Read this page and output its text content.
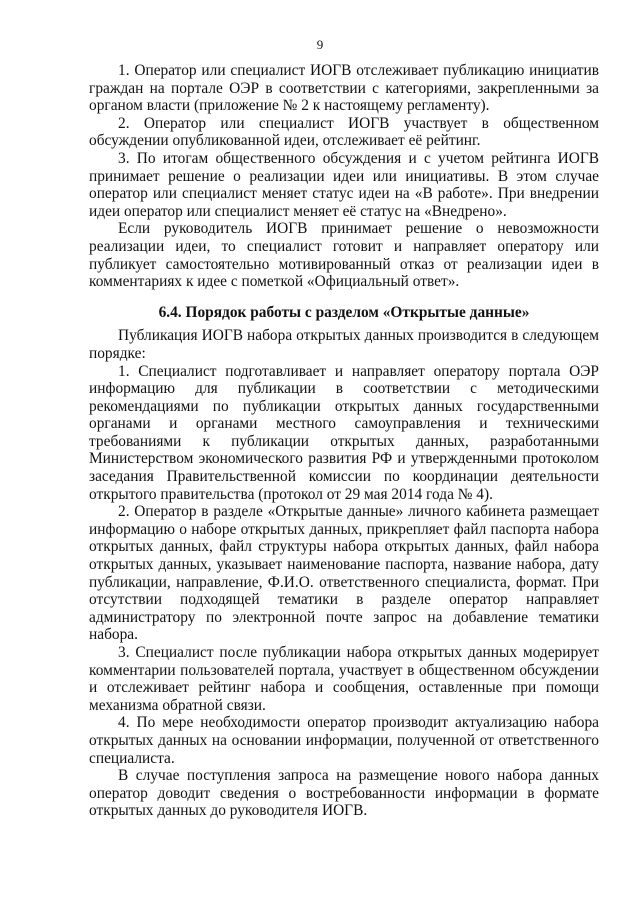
9

1. Оператор или специалист ИОГВ отслеживает публикацию инициатив граждан на портале ОЭР в соответствии с категориями, закрепленными за органом власти (приложение № 2 к настоящему регламенту).

2. Оператор или специалист ИОГВ участвует в общественном обсуждении опубликованной идеи, отслеживает её рейтинг.

3. По итогам общественного обсуждения и с учетом рейтинга ИОГВ принимает решение о реализации идеи или инициативы. В этом случае оператор или специалист меняет статус идеи на «В работе». При внедрении идеи оператор или специалист меняет её статус на «Внедрено».

Если руководитель ИОГВ принимает решение о невозможности реализации идеи, то специалист готовит и направляет оператору или публикует самостоятельно мотивированный отказ от реализации идеи в комментариях к идее с пометкой «Официальный ответ».

6.4. Порядок работы с разделом «Открытые данные»

Публикация ИОГВ набора открытых данных производится в следующем порядке:

1. Специалист подготавливает и направляет оператору портала ОЭР информацию для публикации в соответствии с методическими рекомендациями по публикации открытых данных государственными органами и органами местного самоуправления и техническими требованиями к публикации открытых данных, разработанными Министерством экономического развития РФ и утвержденными протоколом заседания Правительственной комиссии по координации деятельности открытого правительства (протокол от 29 мая 2014 года № 4).

2. Оператор в разделе «Открытые данные» личного кабинета размещает информацию о наборе открытых данных, прикрепляет файл паспорта набора открытых данных, файл структуры набора открытых данных, файл набора открытых данных, указывает наименование паспорта, название набора, дату публикации, направление, Ф.И.О. ответственного специалиста, формат. При отсутствии подходящей тематики в разделе оператор направляет администратору по электронной почте запрос на добавление тематики набора.

3. Специалист после публикации набора открытых данных модерирует комментарии пользователей портала, участвует в общественном обсуждении и отслеживает рейтинг набора и сообщения, оставленные при помощи механизма обратной связи.

4. По мере необходимости оператор производит актуализацию набора открытых данных на основании информации, полученной от ответственного специалиста.

В случае поступления запроса на размещение нового набора данных оператор доводит сведения о востребованности информации в формате открытых данных до руководителя ИОГВ.
